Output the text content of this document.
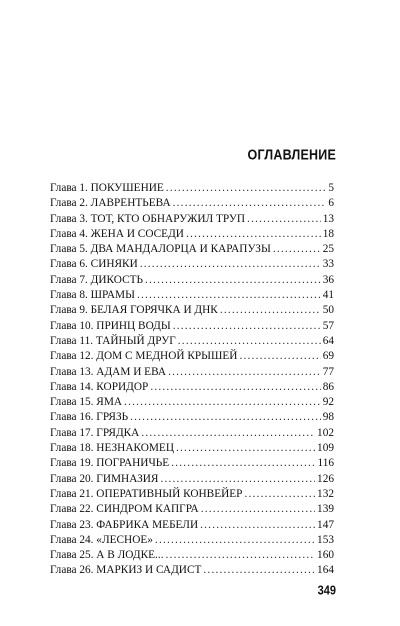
ОГЛАВЛЕНИЕ
Глава 1. ПОКУШЕНИЕ .....	5
Глава 2. ЛАВРЕНТЬЕВА .....	6
Глава 3. ТОТ, КТО ОБНАРУЖИЛ ТРУП .....	13
Глава 4. ЖЕНА И СОСЕДИ .....	18
Глава 5. ДВА МАНДАЛОРЦА И КАРАПУЗЫ .....	25
Глава 6. СИНЯКИ .....	33
Глава 7. ДИКОСТЬ .....	36
Глава 8. ШРАМЫ .....	41
Глава 9. БЕЛАЯ ГОРЯЧКА И ДНК .....	50
Глава 10. ПРИНЦ ВОДЫ .....	57
Глава 11. ТАЙНЫЙ ДРУГ .....	64
Глава 12. ДОМ С МЕДНОЙ КРЫШЕЙ .....	69
Глава 13. АДАМ И ЕВА .....	77
Глава 14. КОРИДОР .....	86
Глава 15. ЯМА .....	92
Глава 16. ГРЯЗЬ .....	98
Глава 17. ГРЯДКА .....	102
Глава 18. НЕЗНАКОМЕЦ .....	109
Глава 19. ПОГРАНИЧЬЕ .....	116
Глава 20. ГИМНАЗИЯ .....	126
Глава 21. ОПЕРАТИВНЫЙ КОНВЕЙЕР .....	132
Глава 22. СИНДРОМ КАПГРА .....	139
Глава 23. ФАБРИКА МЕБЕЛИ .....	147
Глава 24. «ЛЕСНОЕ» .....	153
Глава 25. А В ЛОДКЕ... .....	160
Глава 26. МАРКИЗ И САДИСТ .....	164
349
